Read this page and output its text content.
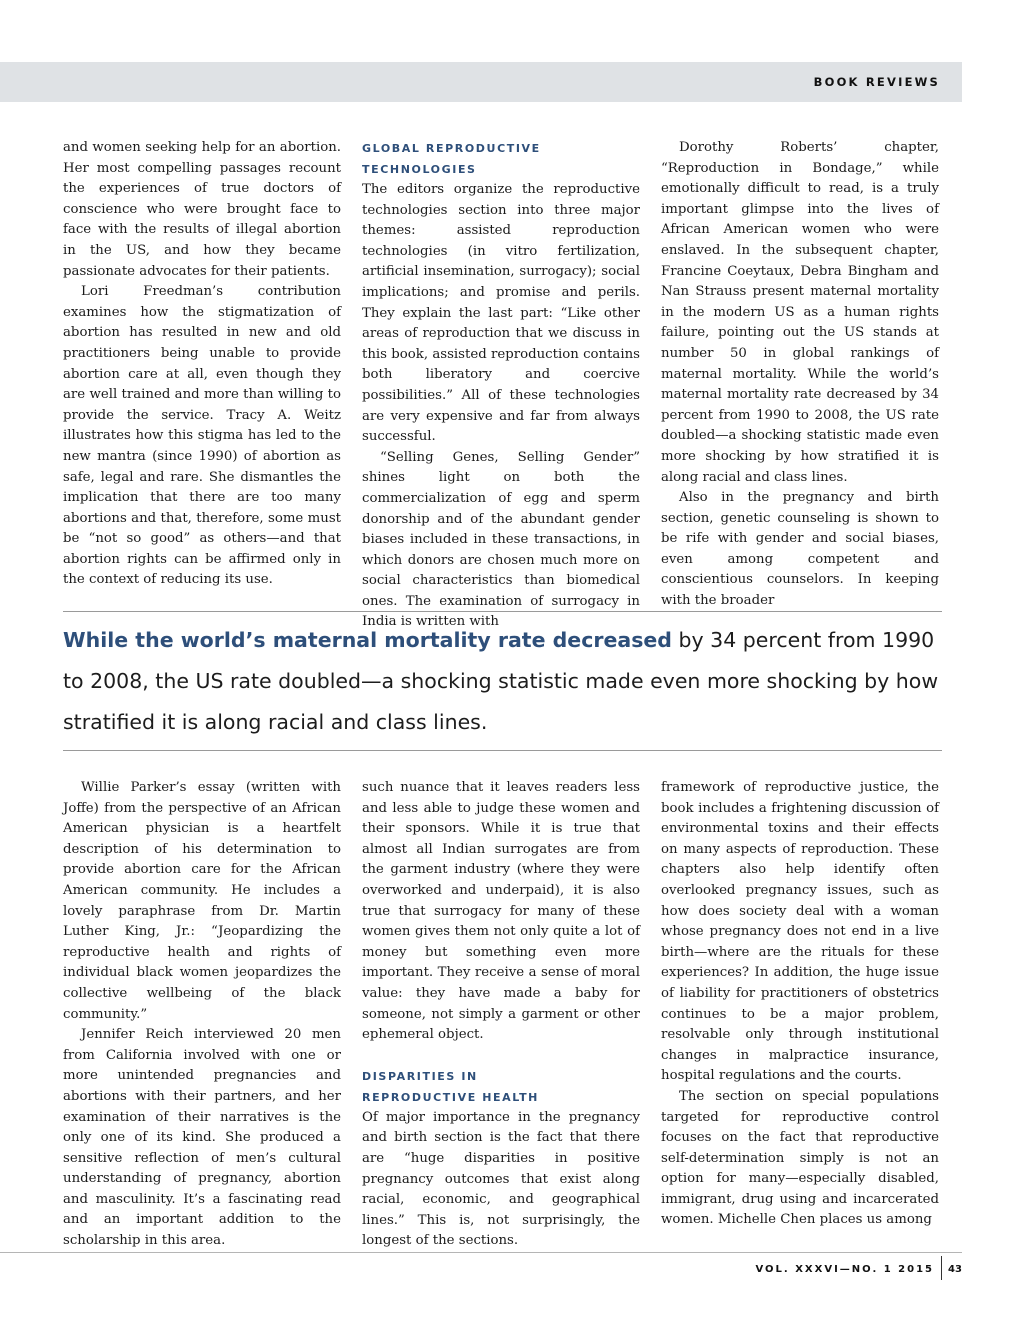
BOOK REVIEWS

and women seeking help for an abortion. Her most compelling passages recount the experiences of true doctors of conscience who were brought face to face with the results of illegal abortion in the US, and how they became passionate advocates for their patients.

Lori Freedman’s contribution examines how the stigmatization of abortion has resulted in new and old practitioners being unable to provide abortion care at all, even though they are well trained and more than willing to provide the service. Tracy A. Weitz illustrates how this stigma has led to the new mantra (since 1990) of abortion as safe, legal and rare. She dismantles the implication that there are too many abortions and that, therefore, some must be “not so good” as others—and that abortion rights can be affirmed only in the context of reducing its use.

GLOBAL REPRODUCTIVE
TECHNOLOGIES

The editors organize the reproductive technologies section into three major themes: assisted reproduction technologies (in vitro fertilization, artificial insemination, surrogacy); social implications; and promise and perils. They explain the last part: “Like other areas of reproduction that we discuss in this book, assisted reproduction contains both liberatory and coercive possibilities.” All of these technologies are very expensive and far from always successful.

“Selling Genes, Selling Gender” shines light on both the commercialization of egg and sperm donorship and of the abundant gender biases included in these transactions, in which donors are chosen much more on social characteristics than biomedical ones. The examination of surrogacy in India is written with

Dorothy Roberts’ chapter, “Reproduction in Bondage,” while emotionally difficult to read, is a truly important glimpse into the lives of African American women who were enslaved. In the subsequent chapter, Francine Coeytaux, Debra Bingham and Nan Strauss present maternal mortality in the modern US as a human rights failure, pointing out the US stands at number 50 in global rankings of maternal mortality. While the world’s maternal mortality rate decreased by 34 percent from 1990 to 2008, the US rate doubled—a shocking statistic made even more shocking by how stratified it is along racial and class lines.

Also in the pregnancy and birth section, genetic counseling is shown to be rife with gender and social biases, even among competent and conscientious counselors. In keeping with the broader

While the world’s maternal mortality rate decreased by 34 percent from 1990 to 2008, the US rate doubled—a shocking statistic made even more shocking by how stratified it is along racial and class lines.

Willie Parker’s essay (written with Joffe) from the perspective of an African American physician is a heartfelt description of his determination to provide abortion care for the African American community. He includes a lovely paraphrase from Dr. Martin Luther King, Jr.: “Jeopardizing the reproductive health and rights of individual black women jeopardizes the collective wellbeing of the black community.”

Jennifer Reich interviewed 20 men from California involved with one or more unintended pregnancies and abortions with their partners, and her examination of their narratives is the only one of its kind. She produced a sensitive reflection of men’s cultural understanding of pregnancy, abortion and masculinity. It’s a fascinating read and an important addition to the scholarship in this area.

such nuance that it leaves readers less and less able to judge these women and their sponsors. While it is true that almost all Indian surrogates are from the garment industry (where they were overworked and underpaid), it is also true that surrogacy for many of these women gives them not only quite a lot of money but something even more important. They receive a sense of moral value: they have made a baby for someone, not simply a garment or other ephemeral object.

DISPARITIES IN
REPRODUCTIVE HEALTH

Of major importance in the pregnancy and birth section is the fact that there are “huge disparities in positive pregnancy outcomes that exist along racial, economic, and geographical lines.” This is, not surprisingly, the longest of the sections.

framework of reproductive justice, the book includes a frightening discussion of environmental toxins and their effects on many aspects of reproduction. These chapters also help identify often overlooked pregnancy issues, such as how does society deal with a woman whose pregnancy does not end in a live birth—where are the rituals for these experiences? In addition, the huge issue of liability for practitioners of obstetrics continues to be a major problem, resolvable only through institutional changes in malpractice insurance, hospital regulations and the courts.

The section on special populations targeted for reproductive control focuses on the fact that reproductive self-determination simply is not an option for many—especially disabled, immigrant, drug using and incarcerated women. Michelle Chen places us among

VOL. XXXVI—NO. 1 2015 43
